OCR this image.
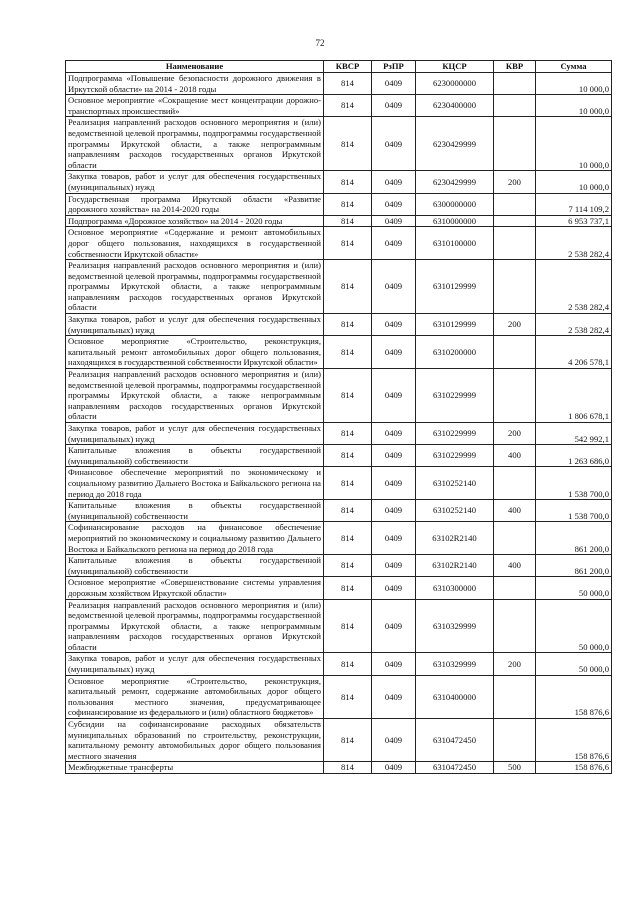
72
Наименование	КВСР	РзПР	КЦСР	КВР	Сумма
Подпрограмма «Повышение безопасности дорожного движения в Иркутской области» на 2014 - 2018 годы	814	0409	6230000000		10 000,0
Основное мероприятие «Сокращение мест концентрации дорожно-транспортных происшествий»	814	0409	6230400000		10 000,0
Реализация направлений расходов основного мероприятия и (или) ведомственной целевой программы, подпрограммы государственной программы Иркутской области, а также непрограммным направлениям расходов государственных органов Иркутской области	814	0409	6230429999		10 000,0
Закупка товаров, работ и услуг для обеспечения государственных (муниципальных) нужд	814	0409	6230429999	200	10 000,0
Государственная программа Иркутской области «Развитие дорожного хозяйства» на 2014-2020 годы	814	0409	6300000000		7 114 109,2
Подпрограмма «Дорожное хозяйство» на 2014 - 2020 годы	814	0409	6310000000		6 953 737,1
Основное мероприятие «Содержание и ремонт автомобильных дорог общего пользования, находящихся в государственной собственности Иркутской области»	814	0409	6310100000		2 538 282,4
Реализация направлений расходов основного мероприятия и (или) ведомственной целевой программы, подпрограммы государственной программы Иркутской области, а также непрограммным направлениям расходов государственных органов Иркутской области	814	0409	6310129999		2 538 282,4
Закупка товаров, работ и услуг для обеспечения государственных (муниципальных) нужд	814	0409	6310129999	200	2 538 282,4
Основное мероприятие «Строительство, реконструкция, капитальный ремонт автомобильных дорог общего пользования, находящихся в государственной собственности Иркутской области»	814	0409	6310200000		4 206 578,1
Реализация направлений расходов основного мероприятия и (или) ведомственной целевой программы, подпрограммы государственной программы Иркутской области, а также непрограммным направлениям расходов государственных органов Иркутской области	814	0409	6310229999		1 806 678,1
Закупка товаров, работ и услуг для обеспечения государственных (муниципальных) нужд	814	0409	6310229999	200	542 992,1
Капитальные вложения в объекты государственной (муниципальной) собственности	814	0409	6310229999	400	1 263 686,0
Финансовое обеспечение мероприятий по экономическому и социальному развитию Дальнего Востока и Байкальского региона на период до 2018 года	814	0409	6310252140		1 538 700,0
Капитальные вложения в объекты государственной (муниципальной) собственности	814	0409	6310252140	400	1 538 700,0
Софинансирование расходов на финансовое обеспечение мероприятий по экономическому и социальному развитию Дальнего Востока и Байкальского региона на период до 2018 года	814	0409	63102R2140		861 200,0
Капитальные вложения в объекты государственной (муниципальной) собственности	814	0409	63102R2140	400	861 200,0
Основное мероприятие «Совершенствование системы управления дорожным хозяйством Иркутской области»	814	0409	6310300000		50 000,0
Реализация направлений расходов основного мероприятия и (или) ведомственной целевой программы, подпрограммы государственной программы Иркутской области, а также непрограммным направлениям расходов государственных органов Иркутской области	814	0409	6310329999		50 000,0
Закупка товаров, работ и услуг для обеспечения государственных (муниципальных) нужд	814	0409	6310329999	200	50 000,0
Основное мероприятие «Строительство, реконструкция, капитальный ремонт, содержание автомобильных дорог общего пользования местного значения, предусматривающее софинансирование из федерального и (или) областного бюджетов»	814	0409	6310400000		158 876,6
Субсидии на софинансирование расходных обязательств муниципальных образований по строительству, реконструкции, капитальному ремонту автомобильных дорог общего пользования местного значения	814	0409	6310472450		158 876,6
Межбюджетные трансферты	814	0409	6310472450	500	158 876,6
